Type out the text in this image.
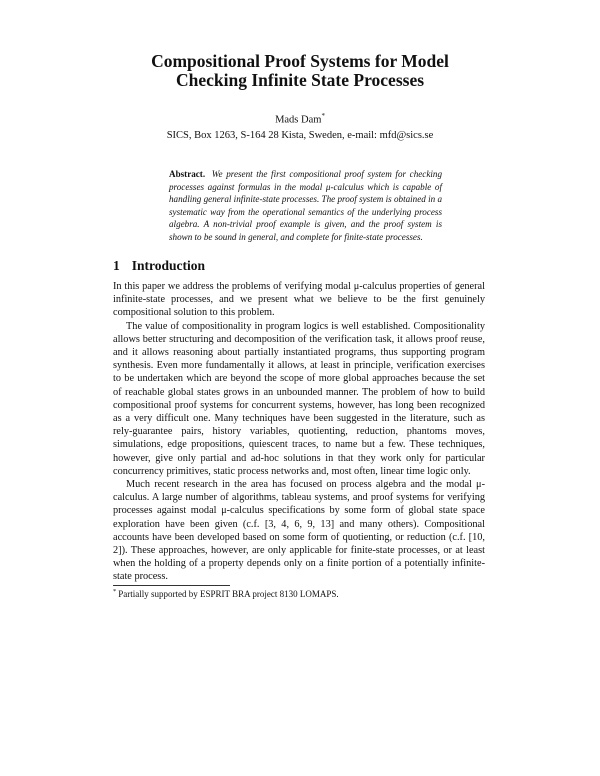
Compositional Proof Systems for Model
Checking Infinite State Processes
Mads Dam*
SICS, Box 1263, S-164 28 Kista, Sweden, e-mail: mfd@sics.se
Abstract. We present the first compositional proof system for checking processes against formulas in the modal μ-calculus which is capable of handling general infinite-state processes. The proof system is obtained in a systematic way from the operational semantics of the underlying process algebra. A non-trivial proof example is given, and the proof system is shown to be sound in general, and complete for finite-state processes.
1 Introduction

In this paper we address the problems of verifying modal μ-calculus properties of general infinite-state processes, and we present what we believe to be the first genuinely compositional solution to this problem.

The value of compositionality in program logics is well established. Compositionality allows better structuring and decomposition of the verification task, it allows proof reuse, and it allows reasoning about partially instantiated programs, thus supporting program synthesis. Even more fundamentally it allows, at least in principle, verification exercises to be undertaken which are beyond the scope of more global approaches because the set of reachable global states grows in an unbounded manner. The problem of how to build compositional proof systems for concurrent systems, however, has long been recognized as a very difficult one. Many techniques have been suggested in the literature, such as rely-guarantee pairs, history variables, quotienting, reduction, phantoms moves, simulations, edge propositions, quiescent traces, to name but a few. These techniques, however, give only partial and ad-hoc solutions in that they work only for particular concurrency primitives, static process networks and, most often, linear time logic only.

Much recent research in the area has focused on process algebra and the modal μ-calculus. A large number of algorithms, tableau systems, and proof systems for verifying processes against modal μ-calculus specifications by some form of global state space exploration have been given (c.f. [3, 4, 6, 9, 13] and many others). Compositional accounts have been developed based on some form of quotienting, or reduction (c.f. [10, 2]). These approaches, however, are only applicable for finite-state processes, or at least when the holding of a property depends only on a finite portion of a potentially infinite-state process.

* Partially supported by ESPRIT BRA project 8130 LOMAPS.
